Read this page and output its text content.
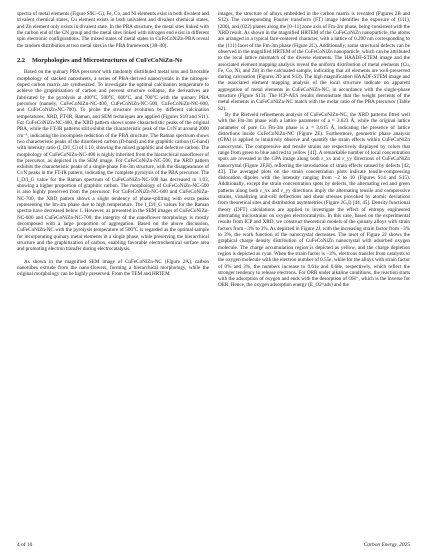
spectra of metal elements (Figure S9C–G), Fe, Co, and Ni elements exist in both divalent and trivalent chemical states, Cu element exists in both univalent and divalent chemical states, and Zn element only exists in divalent state. In the PBA structure, the metal sites linked with the carbon end of the CN group and the metal sites linked with nitrogen end exist in different spin electronic configurations. The mixed states of metal states in CuFeCoNiZn-PBA reveal the random distribution at two metal sites in the PBA framework [38–40].

2.2	Morphologies and Microstructures of CuFeCoNiZn-Ne

Based on the quinary PBA precursor with randomly distributed metal ions and favorable morphology of stacked nanosheets, a series of PBA-derived nanocrystals in the nitrogen-doped carbon matrix are synthesized. To investigate the optimal calcination temperature to achieve the graphitization of carbon and prevent structure collapse, the derivatives are fabricated by the pyrolysis at 400°C, 500°C, 600°C, and 700°C with the quinary PBA precursor (namely, CuFeCoNiZn-NC-400, CuFeCoNiZn-NC-500, CuFeCoNiZn-NC-600, and CuFeCoNiZn-NC-700). To probe the structure evolution by different calcination temperatures, XRD, FT-IR, Raman, and SEM techniques are applied (Figures S10 and S11). For CuFeCoNiZn-NC-400, the XRD pattern shows some characteristic peaks of the original PBA, while the FT-IR patterns still exhibit the characteristic peak of the C≡N at around 2000 cm⁻¹, indicating the incomplete reduction of the PBA structure. The Raman spectrum shows two characteristic peaks of the disordered carbon (D-band) and the graphitic carbon (G-band) with intensity ratio (I_D/I_G) of 1.10, showing the mixed graphitic and defective carbon. The morphology of CuFeCoNiZn-NC-400 is highly inherited from the hierarchical nanoflower of the precursor, as depicted in the SEM image. For CuFeCoNiZn-NC-500, the XRD pattern exhibits the characteristic peaks of a single-phase Fm-3m structure, with the disappearance of C≡N peaks in the FT-IR pattern, indicating the complete pyrolysis of the PBA precursor. The I_D/I_G value for the Raman spectrum of CuFeCoNiZn-NC-500 has decreased to 1.03, showing a higher proportion of graphitic carbon. The morphology of CuFeCoNiZn-NC-500 is also highly preserved from the precursor. For CuFeCoNiZn-NC-600 and CuFeCoNiZn-NC-700, the XRD pattern shows a slight tendency of phase-splitting with extra peaks representing the Im-3m phase due to high temperature. The I_D/I_G values for the Raman spectra have decreased below 1. However, as presented in the SEM images of CuFeCoNiZn-NC-600 and CuFeCoNiZn-NC-700, the integrity of the nanoflower morphology is mostly decomposed with a large proportion of aggregation. Based on the above discussion, CuFeCoNiZn-NC with the pyrolysis temperature of 500°C is regarded as the optimal sample for incorporating quinary metal elements in a single phase, while preserving the hierarchical structure and the graphitization of carbon, enabling favorable electrochemical surface area and promoting electron transfer during electrocatalysis.

As shown in the magnified SEM image of CuFeCoNiZn-NC (Figure 2A), carbon nanotubes extrude from the nano-flowers, forming a hierarchical morphology, while the original morphology can be highly preserved. From the TEM and HRTEM

images, the structure of alloys embedded in the carbon matrix is revealed (Figures 2B and S12). The corresponding Fourier transform (FT) image identifies the exposure of (111), (200), and (022) planes along the [0–11] zone axis of Fm-3m phase, being consistent with the XRD result. As shown in the magnified HRTEM of the CuFeCoNiZn nanoparticle, the atoms are arranged in a typical face-centered character, with a lattice of 0.200 nm corresponding to the (111) facet of the Fm-3m phase (Figure 2C). Additionally, some structural defects can be observed in the magnified HRTEM of the CuFeCoNiZn nanoparticle, which can be attributed to the local lattice mismatch of the diverse elements. The HAADF-STEM image and the associated element mapping analysis reveal the uniform distribution of metal elements (Cu, Fe, Co, Ni, and Zn) in the calcinated sample, indicating that all elements are well-preserved during calcination (Figures 2D and S13). The high magnification HAADF-STEM image and the associated element mapping analysis of the local structure indicate no apparent aggregation of metal elements in CuFeCoNiZn-NC, in accordance with the single-phase structure (Figure S13). The ICP-AES results demonstrate that the weight percents of the metal elements in CuFeCoNiZn-NC match with the molar ratio of the PBA precursor (Table S2).

By the Rietveld refinements analysis of CuFeCoNiZn-NC, the XRD patterns fitted well with the Fm-3m phase with a lattice parameter of a = 3.623 Å, while the original lattice parameter of pure Cu Fm-3m phase is a = 3.615 Å, indicating the presence of lattice distortions inside CuFeCoNiZn-NC (Figure 2E). Furthermore, geometric phase analysis (GPA) is applied to intuitively observe and quantify the strain effects within CuFeCoNiZn nanocrystal. The compressive and tensile strains are respectively displayed by colors that range from green to blue and red to yellow [41]. A remarkable number of local concentration spots are revealed in the GPA image along both ε_xx and ε_yy directions of CuFeCoNiZn nanocrystal (Figure 2F,H), reflecting the introduction of strain effects caused by defects [42, 43]. The averaged plots on the strain concentration plots indicate tensile-compressing dislocation dipoles with the intensity ranging from −2 to 10 (Figures S14 and S15). Additionally, except the strain concentration spots by defects, the alternating red and green patterns along both ε_xx and ε_yy directions imply the alternating tensile and compressive strains, visualizing unit-cell deflections and shear stresses provoked by atomic deviations from theoretical sites and distribution asymmetries (Figure 2G,I) [44, 45]. Density functional theory (DFT) calculations are applied to investigate the effect of entropy engineered alternating microstrains on oxygen electrocatalysis. In this case, based on the experimental results from ICP and XRD, we construct theoretical models of the quinary alloys with strain factors from −3% to 3%. As depicted in Figure 2J, with the increasing strain factor from −3% to 3%, the work function of the nanocrystal decreases. The inset of Figure 2J shows the graphical charge density distribution of CuFeCoNiZn nanocrystal with adsorbed oxygen molecule. The charge accumulation region is depicted as yellow, and the charge depletion region is depicted as cyan. When the strain factor is −3%, electrons transfer from catalysts to the oxygen molecule with the electron number of 0.55e, while for the alloys with strain factor of 0% and 3%, the numbers increase to 0.61e and 0.68e, respectively, which reflect the stronger tendency to release electrons. For ORR under alkaline conditions, the reaction starts with the adsorption of oxygen and ends with the desorption of OH⁻, which is the inverse for OER. Hence, the oxygen adsorption energy (E_O2^ads) and the

4 of 10	Carbon Energy, 2025
